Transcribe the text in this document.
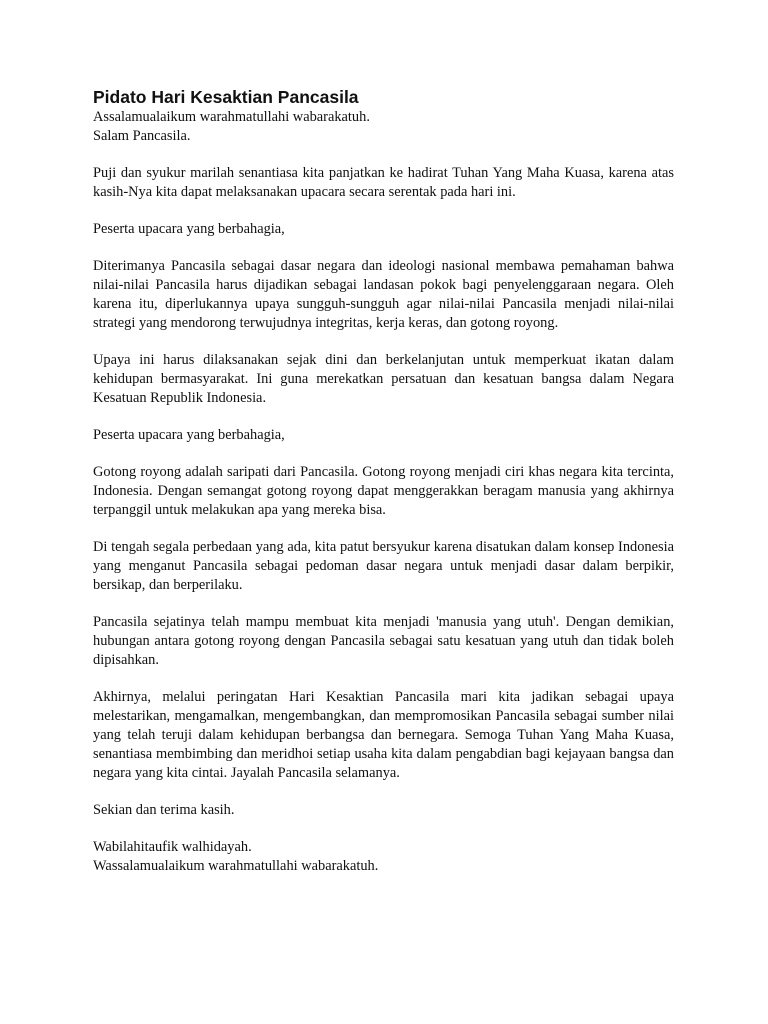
Pidato Hari Kesaktian Pancasila
Assalamualaikum warahmatullahi wabarakatuh.
Salam Pancasila.

Puji dan syukur marilah senantiasa kita panjatkan ke hadirat Tuhan Yang Maha Kuasa, karena atas kasih-Nya kita dapat melaksanakan upacara secara serentak pada hari ini.

Peserta upacara yang berbahagia,

Diterimanya Pancasila sebagai dasar negara dan ideologi nasional membawa pemahaman bahwa nilai-nilai Pancasila harus dijadikan sebagai landasan pokok bagi penyelenggaraan negara. Oleh karena itu, diperlukannya upaya sungguh-sungguh agar nilai-nilai Pancasila menjadi nilai-nilai strategi yang mendorong terwujudnya integritas, kerja keras, dan gotong royong.

Upaya ini harus dilaksanakan sejak dini dan berkelanjutan untuk memperkuat ikatan dalam kehidupan bermasyarakat. Ini guna merekatkan persatuan dan kesatuan bangsa dalam Negara Kesatuan Republik Indonesia.

Peserta upacara yang berbahagia,

Gotong royong adalah saripati dari Pancasila. Gotong royong menjadi ciri khas negara kita tercinta, Indonesia. Dengan semangat gotong royong dapat menggerakkan beragam manusia yang akhirnya terpanggil untuk melakukan apa yang mereka bisa.

Di tengah segala perbedaan yang ada, kita patut bersyukur karena disatukan dalam konsep Indonesia yang menganut Pancasila sebagai pedoman dasar negara untuk menjadi dasar dalam berpikir, bersikap, dan berperilaku.

Pancasila sejatinya telah mampu membuat kita menjadi 'manusia yang utuh'. Dengan demikian, hubungan antara gotong royong dengan Pancasila sebagai satu kesatuan yang utuh dan tidak boleh dipisahkan.

Akhirnya, melalui peringatan Hari Kesaktian Pancasila mari kita jadikan sebagai upaya melestarikan, mengamalkan, mengembangkan, dan mempromosikan Pancasila sebagai sumber nilai yang telah teruji dalam kehidupan berbangsa dan bernegara. Semoga Tuhan Yang Maha Kuasa, senantiasa membimbing dan meridhoi setiap usaha kita dalam pengabdian bagi kejayaan bangsa dan negara yang kita cintai. Jayalah Pancasila selamanya.

Sekian dan terima kasih.

Wabilahitaufik walhidayah.
Wassalamualaikum warahmatullahi wabarakatuh.
